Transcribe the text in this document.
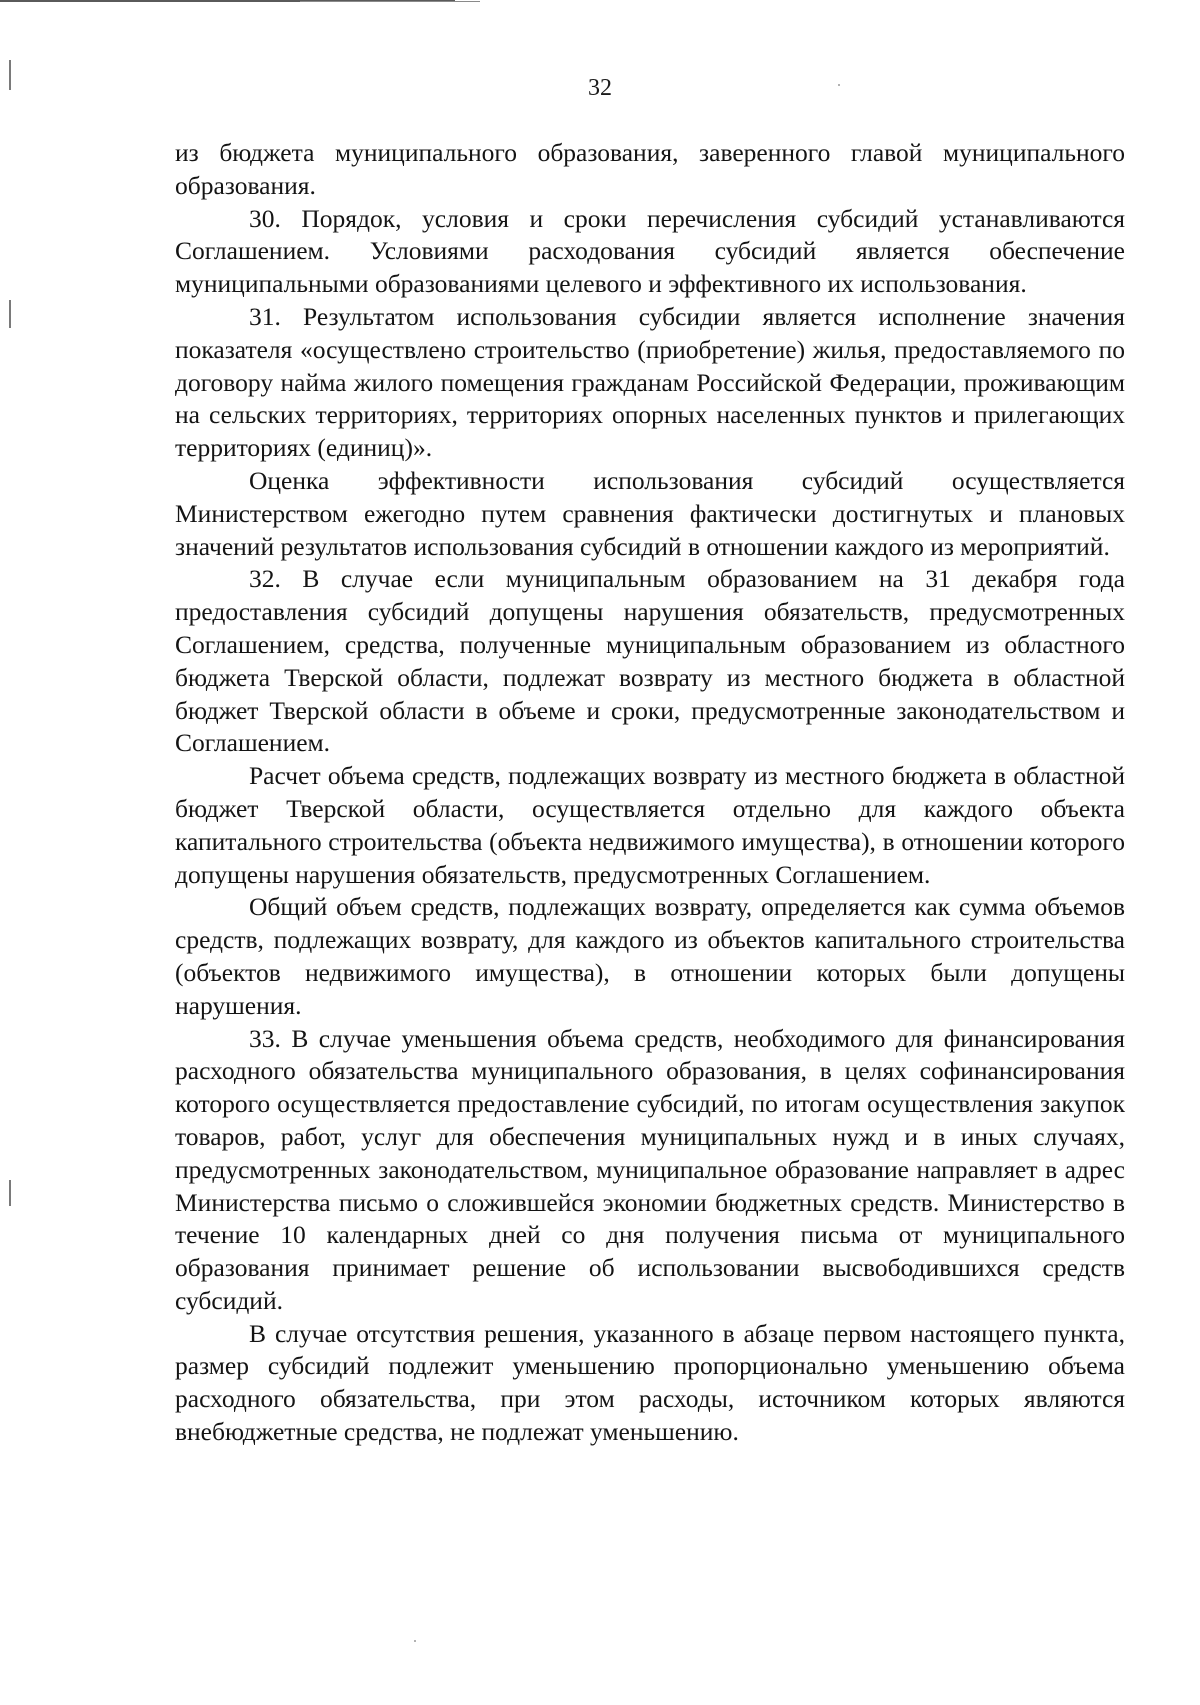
32

из бюджета муниципального образования, заверенного главой муниципального образования.

30. Порядок, условия и сроки перечисления субсидий устанавливаются Соглашением. Условиями расходования субсидий является обеспечение муниципальными образованиями целевого и эффективного их использования.

31. Результатом использования субсидии является исполнение значения показателя «осуществлено строительство (приобретение) жилья, предоставляемого по договору найма жилого помещения гражданам Российской Федерации, проживающим на сельских территориях, территориях опорных населенных пунктов и прилегающих территориях (единиц)».

Оценка эффективности использования субсидий осуществляется Министерством ежегодно путем сравнения фактически достигнутых и плановых значений результатов использования субсидий в отношении каждого из мероприятий.

32. В случае если муниципальным образованием на 31 декабря года предоставления субсидий допущены нарушения обязательств, предусмотренных Соглашением, средства, полученные муниципальным образованием из областного бюджета Тверской области, подлежат возврату из местного бюджета в областной бюджет Тверской области в объеме и сроки, предусмотренные законодательством и Соглашением.

Расчет объема средств, подлежащих возврату из местного бюджета в областной бюджет Тверской области, осуществляется отдельно для каждого объекта капитального строительства (объекта недвижимого имущества), в отношении которого допущены нарушения обязательств, предусмотренных Соглашением.

Общий объем средств, подлежащих возврату, определяется как сумма объемов средств, подлежащих возврату, для каждого из объектов капитального строительства (объектов недвижимого имущества), в отношении которых были допущены нарушения.

33. В случае уменьшения объема средств, необходимого для финансирования расходного обязательства муниципального образования, в целях софинансирования которого осуществляется предоставление субсидий, по итогам осуществления закупок товаров, работ, услуг для обеспечения муниципальных нужд и в иных случаях, предусмотренных законодательством, муниципальное образование направляет в адрес Министерства письмо о сложившейся экономии бюджетных средств. Министерство в течение 10 календарных дней со дня получения письма от муниципального образования принимает решение об использовании высвободившихся средств субсидий.

В случае отсутствия решения, указанного в абзаце первом настоящего пункта, размер субсидий подлежит уменьшению пропорционально уменьшению объема расходного обязательства, при этом расходы, источником которых являются внебюджетные средства, не подлежат уменьшению.
